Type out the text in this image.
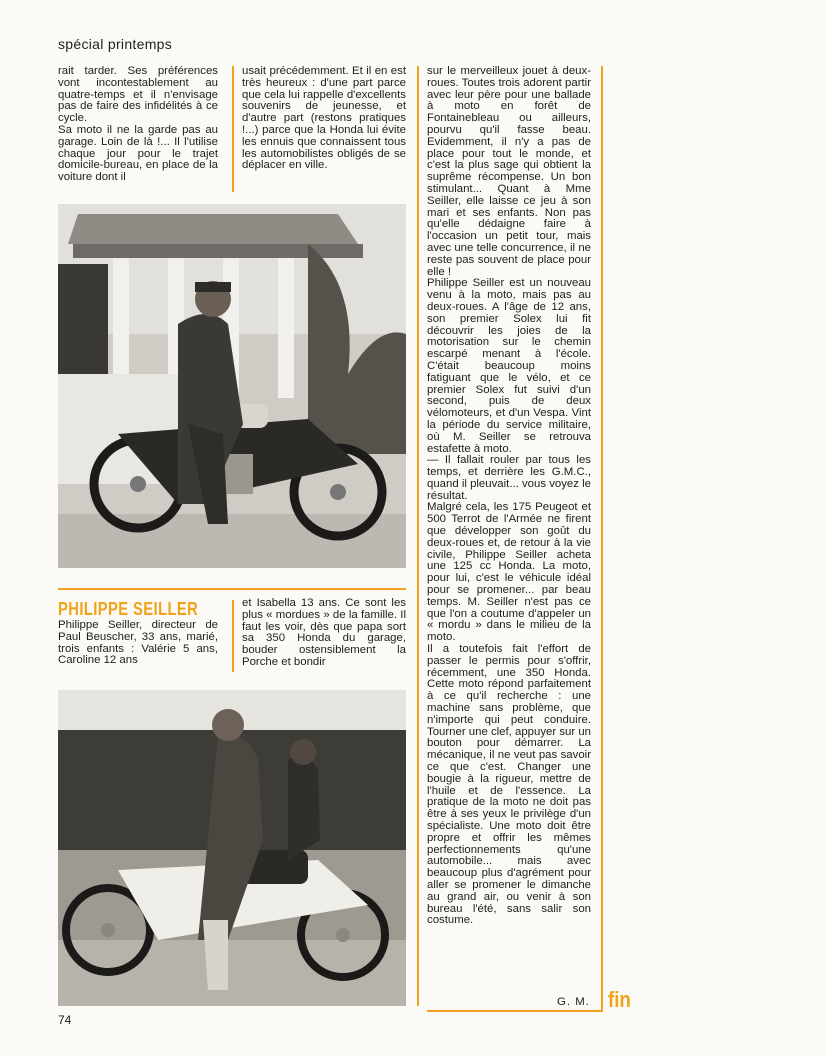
spécial printemps

rait tarder. Ses préférences vont incontestablement au quatre-temps et il n'envisage pas de faire des infidélités à ce cycle.
Sa moto il ne la garde pas au garage. Loin de là !... Il l'utilise chaque jour pour le trajet domicile-bureau, en place de la voiture dont il

usait précédemment. Et il en est très heureux : d'une part parce que cela lui rappelle d'excellents souvenirs de jeunesse, et d'autre part (restons pratiques !...) parce que la Honda lui évite les ennuis que connaissent tous les automobilistes obligés de se déplacer en ville.

PHILIPPE SEILLER

Philippe Seiller, directeur de Paul Beuscher, 33 ans, marié, trois enfants : Valérie 5 ans, Caroline 12 ans

et Isabella 13 ans. Ce sont les plus « mordues » de la famille. Il faut les voir, dès que papa sort sa 350 Honda du garage, bouder ostensiblement la Porche et bondir

sur le merveilleux jouet à deux-roues. Toutes trois adorent partir avec leur père pour une ballade à moto en forêt de Fontainebleau ou ailleurs, pourvu qu'il fasse beau. Evidemment, il n'y a pas de place pour tout le monde, et c'est la plus sage qui obtient la suprême récompense. Un bon stimulant... Quant à Mme Seiller, elle laisse ce jeu à son mari et ses enfants. Non pas qu'elle dédaigne faire à l'occasion un petit tour, mais avec une telle concurrence, il ne reste pas souvent de place pour elle !
Philippe Seiller est un nouveau venu à la moto, mais pas au deux-roues. A l'âge de 12 ans, son premier Solex lui fit découvrir les joies de la motorisation sur le chemin escarpé menant à l'école. C'était beaucoup moins fatiguant que le vélo, et ce premier Solex fut suivi d'un second, puis de deux vélomoteurs, et d'un Vespa. Vint la période du service militaire, où M. Seiller se retrouva estafette à moto.
— Il fallait rouler par tous les temps, et derrière les G.M.C., quand il pleuvait... vous voyez le résultat.
Malgré cela, les 175 Peugeot et 500 Terrot de l'Armée ne firent que développer son goût du deux-roues et, de retour à la vie civile, Philippe Seiller acheta une 125 cc Honda. La moto, pour lui, c'est le véhicule idéal pour se promener... par beau temps. M. Seiller n'est pas ce que l'on a coutume d'appeler un « mordu » dans le milieu de la moto.
Il a toutefois fait l'effort de passer le permis pour s'offrir, récemment, une 350 Honda. Cette moto répond parfaitement à ce qu'il recherche : une machine sans problème, que n'importe qui peut conduire. Tourner une clef, appuyer sur un bouton pour démarrer. La mécanique, il ne veut pas savoir ce que c'est. Changer une bougie à la rigueur, mettre de l'huile et de l'essence. La pratique de la moto ne doit pas être à ses yeux le privilège d'un spécialiste. Une moto doit être propre et offrir les mêmes perfectionnements qu'une automobile... mais avec beaucoup plus d'agrément pour aller se promener le dimanche au grand air, ou venir à son bureau l'été, sans salir son costume.

G. M. fin
74
